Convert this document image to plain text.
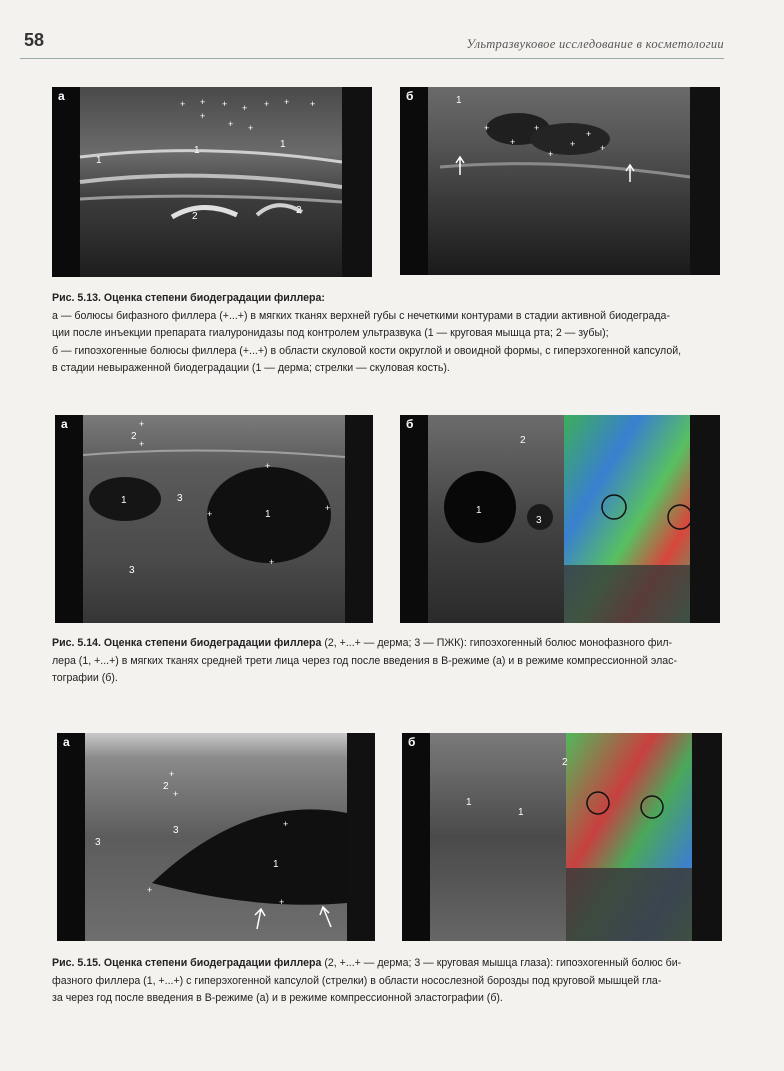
58	Ультразвуковое исследование в косметологии
а
+ + + + + + +
+
+ +
1
1
1
2
2
б	1
+
+
+
+
+
+
+

Рис. 5.13. Оценка степени биодеградации филлера:

а — болюсы бифазного филлера (+...+) в мягких тканях верхней губы с нечеткими контурами в стадии активной биодеграда-

ции после инъекции препарата гиалуронидазы под контролем ультразвука (1 — круговая мышца рта; 2 — зубы);

б — гипоэхогенные болюсы филлера (+...+) в области скуловой кости округлой и овоидной формы, с гиперэхогенной капсулой,

в стадии невыраженной биодеградации (1 — дерма; стрелки — скуловая кость).

а	+
2
+
1	3
+	1
+
+
+
3
б
2
1
3

Рис. 5.14. Оценка степени биодеградации филлера (2, +...+ — дерма; 3 — ПЖК): гипоэхогенный болюс монофазного фил-

лера (1, +...+) в мягких тканях средней трети лица через год после введения в В-режиме (а) и в режиме компрессионной элас-

тографии (б).

а
+
2
+
3
3
+
1
+
+
б
2
1
1

Рис. 5.15. Оценка степени биодеградации филлера (2, +...+ — дерма; 3 — круговая мышца глаза): гипоэхогенный болюс би-

фазного филлера (1, +...+) с гиперэхогенной капсулой (стрелки) в области носослезной борозды под круговой мышцей гла-

за через год после введения в В-режиме (а) и в режиме компрессионной эластографии (б).
